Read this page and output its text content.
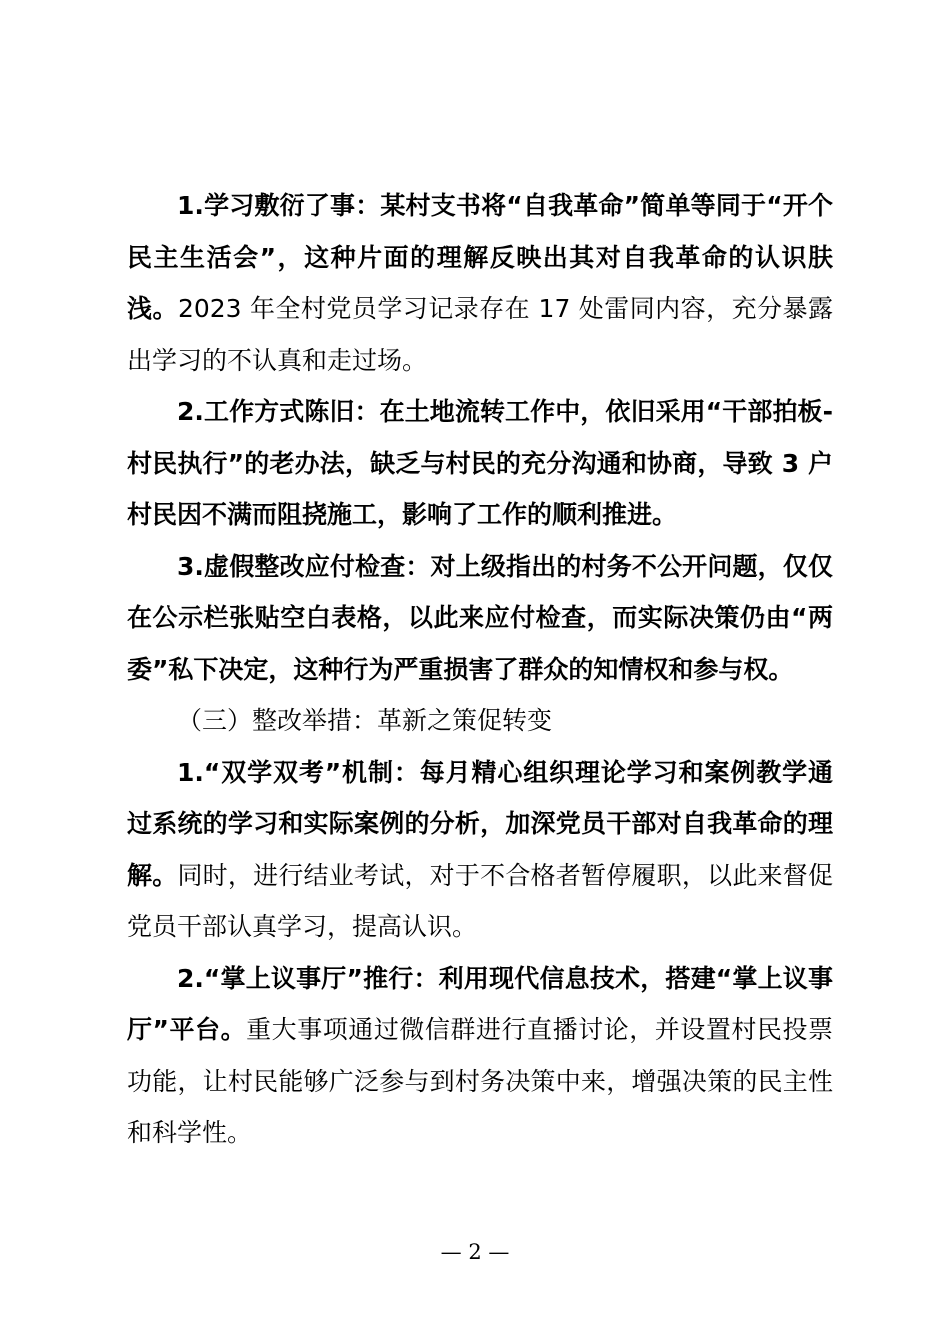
1.学习敷衍了事：某村支书将“自我革命”简单等同于“开个民主生活会”，这种片面的理解反映出其对自我革命的认识肤浅。2023 年全村党员学习记录存在 17 处雷同内容，充分暴露出学习的不认真和走过场。

2.工作方式陈旧：在土地流转工作中，依旧采用“干部拍板-村民执行”的老办法，缺乏与村民的充分沟通和协商，导致 3 户村民因不满而阻挠施工，影响了工作的顺利推进。

3.虚假整改应付检查：对上级指出的村务不公开问题，仅仅在公示栏张贴空白表格，以此来应付检查，而实际决策仍由“两委”私下决定，这种行为严重损害了群众的知情权和参与权。

（三）整改举措：革新之策促转变

1.“双学双考”机制：每月精心组织理论学习和案例教学通过系统的学习和实际案例的分析，加深党员干部对自我革命的理解。同时，进行结业考试，对于不合格者暂停履职，以此来督促党员干部认真学习，提高认识。

2.“掌上议事厅”推行：利用现代信息技术，搭建“掌上议事厅”平台。重大事项通过微信群进行直播讨论，并设置村民投票功能，让村民能够广泛参与到村务决策中来，增强决策的民主性和科学性。

— 2 —
